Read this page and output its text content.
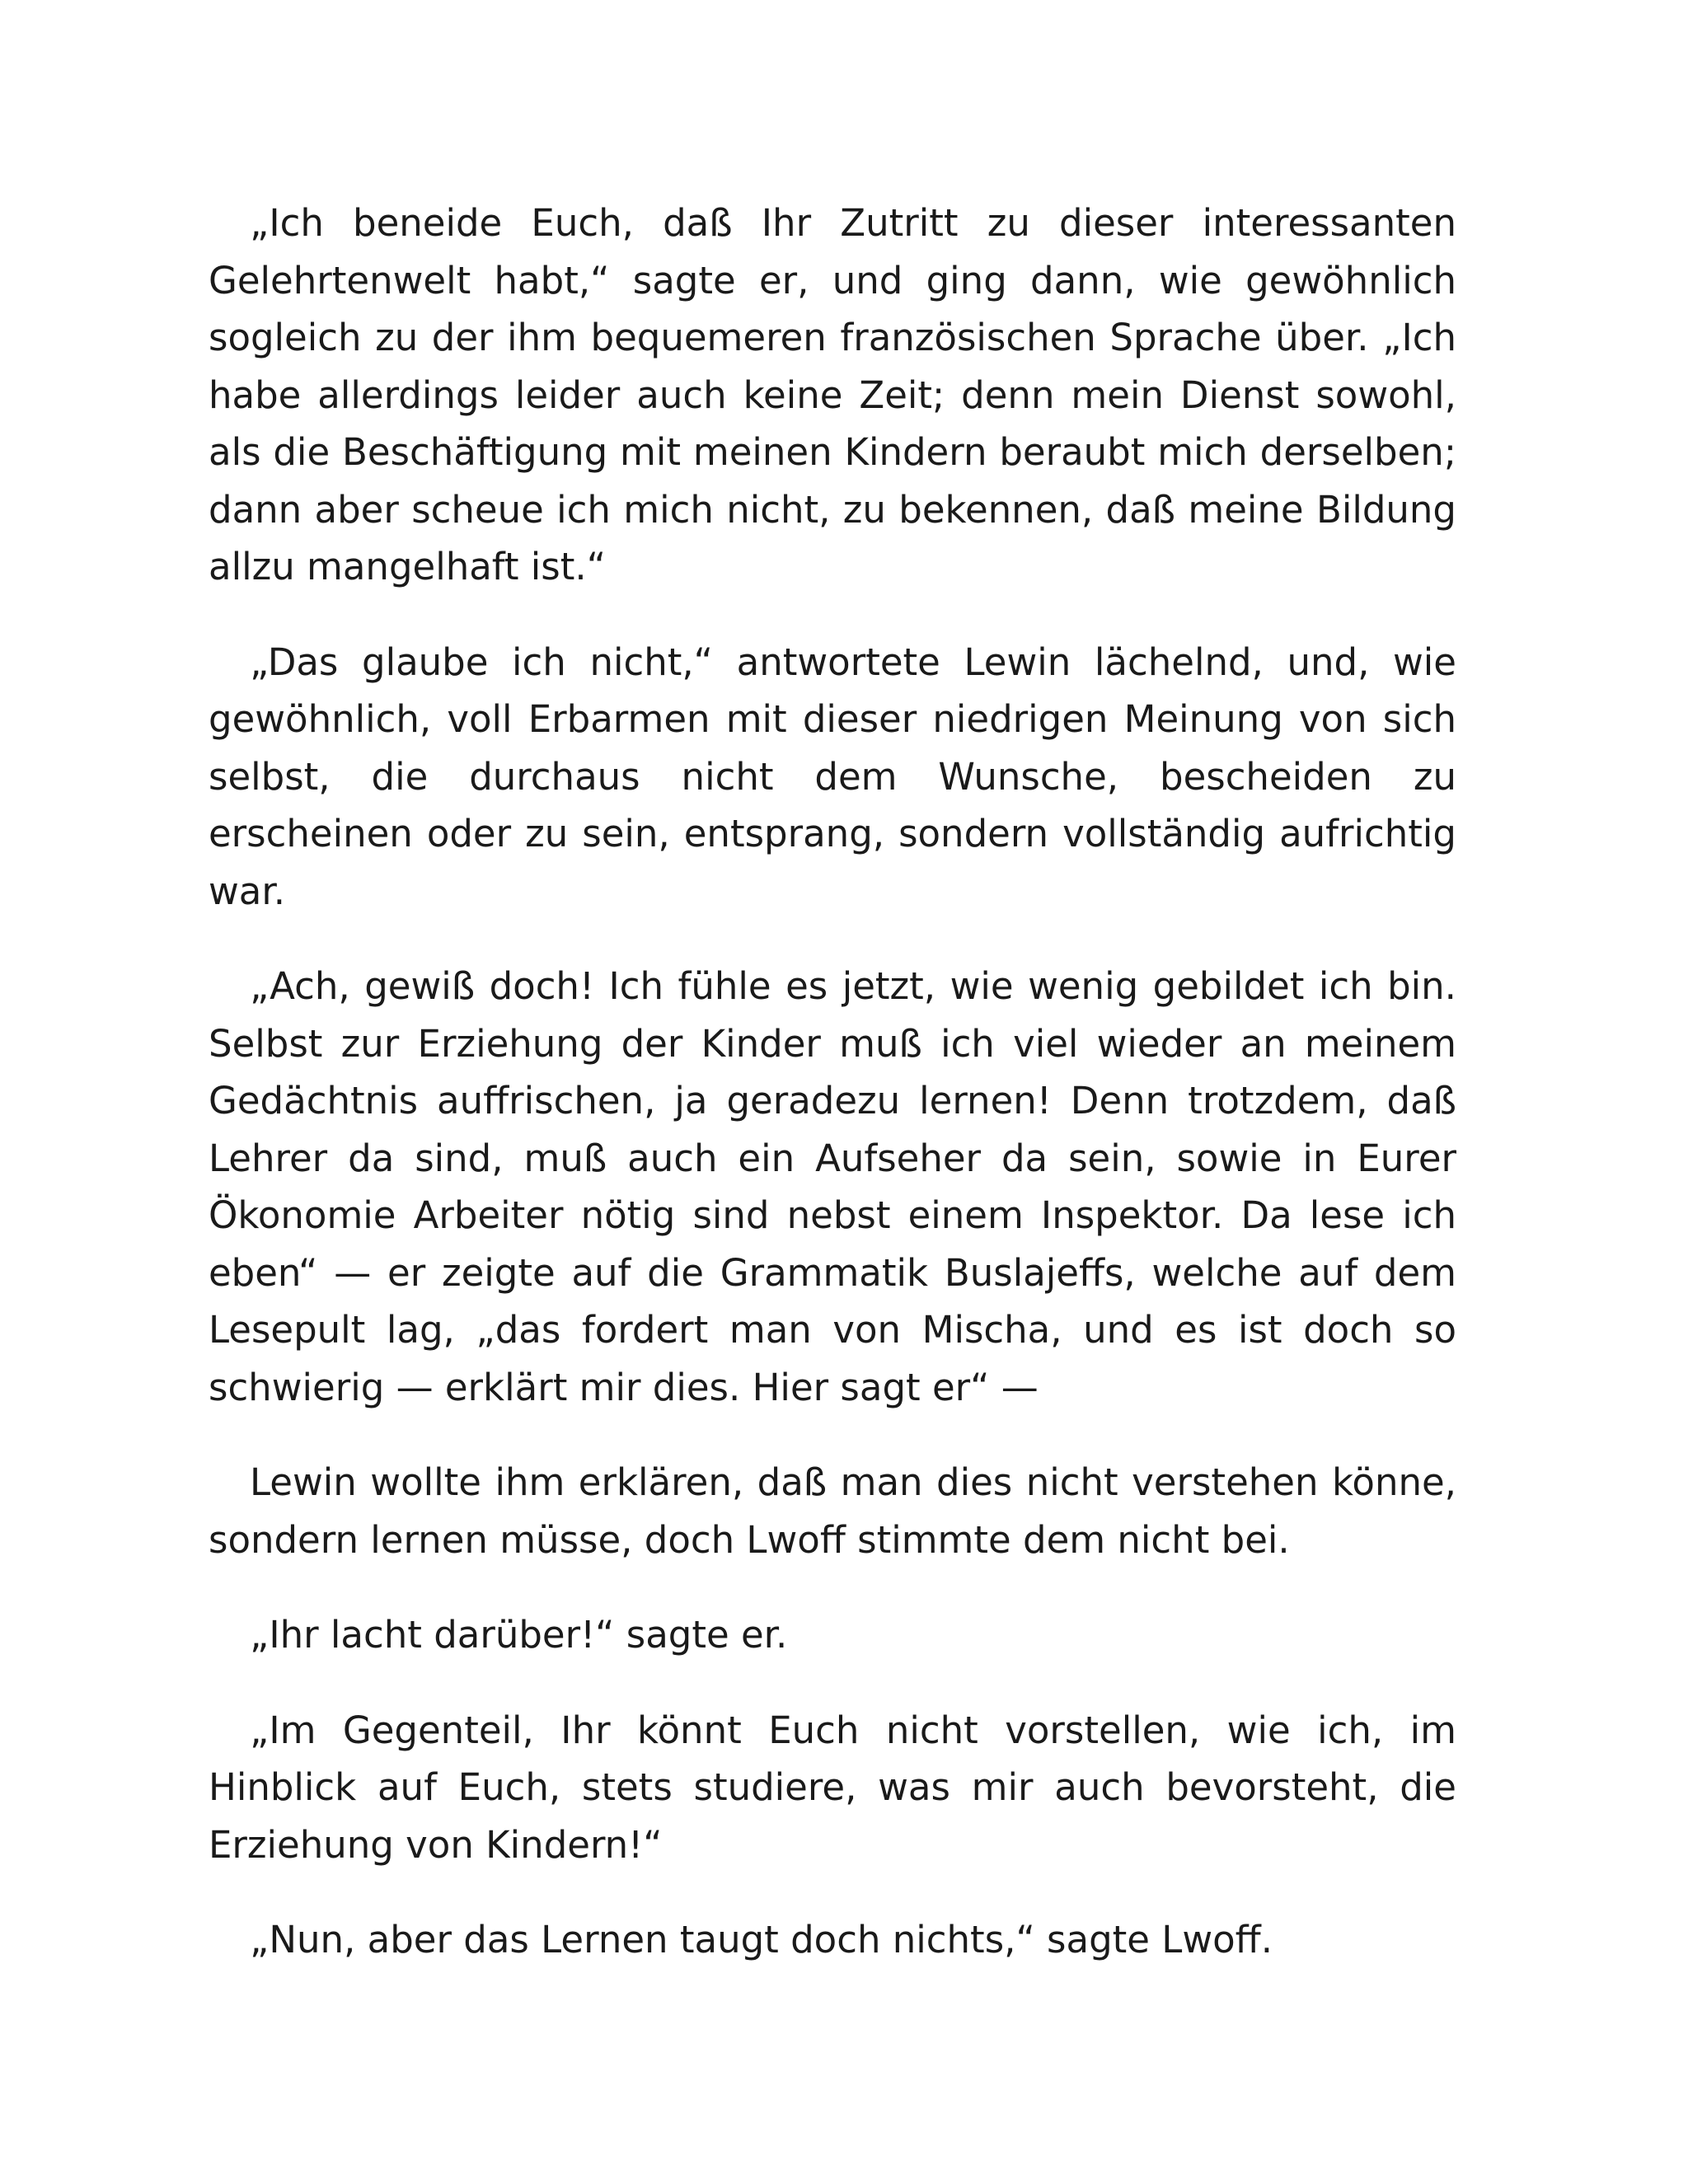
„Ich beneide Euch, daß Ihr Zutritt zu dieser interessanten Gelehrtenwelt habt,“ sagte er, und ging dann, wie gewöhnlich sogleich zu der ihm bequemeren französischen Sprache über. „Ich habe allerdings leider auch keine Zeit; denn mein Dienst sowohl, als die Beschäftigung mit meinen Kindern beraubt mich derselben; dann aber scheue ich mich nicht, zu bekennen, daß meine Bildung allzu mangelhaft ist.“

„Das glaube ich nicht,“ antwortete Lewin lächelnd, und, wie gewöhnlich, voll Erbarmen mit dieser niedrigen Meinung von sich selbst, die durchaus nicht dem Wunsche, bescheiden zu erscheinen oder zu sein, entsprang, sondern vollständig aufrichtig war.

„Ach, gewiß doch! Ich fühle es jetzt, wie wenig gebildet ich bin. Selbst zur Erziehung der Kinder muß ich viel wieder an meinem Gedächtnis auffrischen, ja geradezu lernen! Denn trotzdem, daß Lehrer da sind, muß auch ein Aufseher da sein, sowie in Eurer Ökonomie Arbeiter nötig sind nebst einem Inspektor. Da lese ich eben“ — er zeigte auf die Grammatik Buslajeffs, welche auf dem Lesepult lag, „das fordert man von Mischa, und es ist doch so schwierig — erklärt mir dies. Hier sagt er“ —

Lewin wollte ihm erklären, daß man dies nicht verstehen könne, sondern lernen müsse, doch Lwoff stimmte dem nicht bei.

„Ihr lacht darüber!“ sagte er.

„Im Gegenteil, Ihr könnt Euch nicht vorstellen, wie ich, im Hinblick auf Euch, stets studiere, was mir auch bevorsteht, die Erziehung von Kindern!“

„Nun, aber das Lernen taugt doch nichts,“ sagte Lwoff.
